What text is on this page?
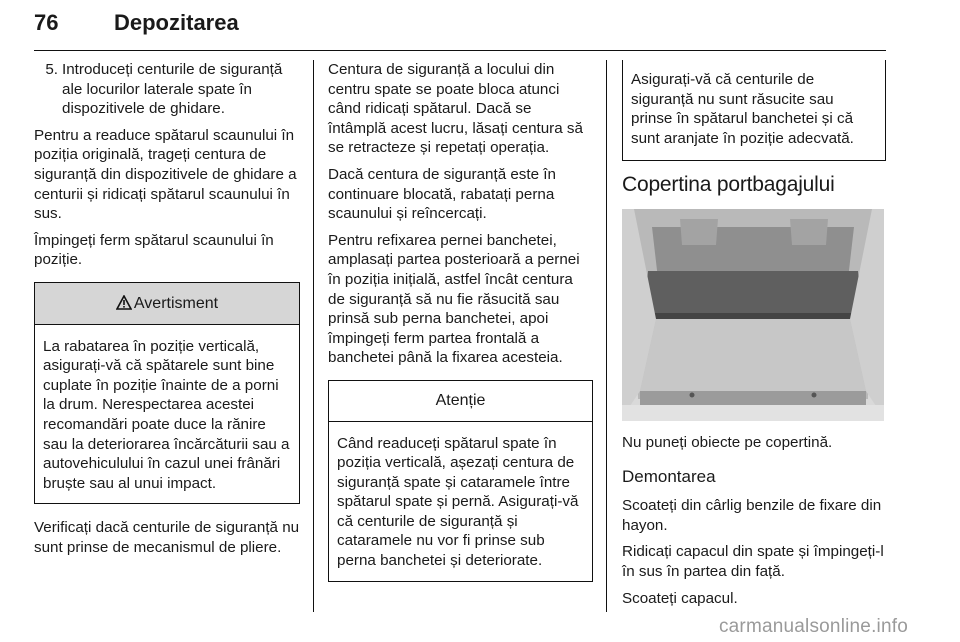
76	Depozitarea
5. Introduceți centurile de siguranță ale locurilor laterale spate în dispozitivele de ghidare.

Pentru a readuce spătarul scaunului în poziția originală, trageți centura de siguranță din dispozitivele de ghidare a centurii și ridicați spătarul scaunului în sus.

Împingeți ferm spătarul scaunului în poziție.

Avertisment
La rabatarea în poziție verticală, asigurați-vă că spătarele sunt bine cuplate în poziție înainte de a porni la drum. Nerespectarea acestei recomandări poate duce la rănire sau la deteriorarea încărcăturii sau a autovehiculului în cazul unei frânări bruște sau al unui impact.

Verificați dacă centurile de siguranță nu sunt prinse de mecanismul de pliere.

Centura de siguranță a locului din centru spate se poate bloca atunci când ridicați spătarul. Dacă se întâmplă acest lucru, lăsați centura să se retracteze și repetați operația.

Dacă centura de siguranță este în continuare blocată, rabatați perna scaunului și reîncercați.

Pentru refixarea pernei banchetei, amplasați partea posterioară a pernei în poziția inițială, astfel încât centura de siguranță să nu fie răsucită sau prinsă sub perna banchetei, apoi împingeți ferm partea frontală a banchetei până la fixarea acesteia.

Atenție
Când readuceți spătarul spate în poziția verticală, așezați centura de siguranță spate și cataramele între spătarul spate și pernă. Asigurați-vă că centurile de siguranță și cataramele nu vor fi prinse sub perna banchetei și deteriorate.
Asigurați-vă că centurile de siguranță nu sunt răsucite sau prinse în spătarul banchetei și că sunt aranjate în poziție adecvată.
Copertina portbagajului

Nu puneți obiecte pe copertină.

Demontarea

Scoateți din cârlig benzile de fixare din hayon.

Ridicați capacul din spate și împingeți-l în sus în partea din față.

Scoateți capacul.

carmanualsonline.info
